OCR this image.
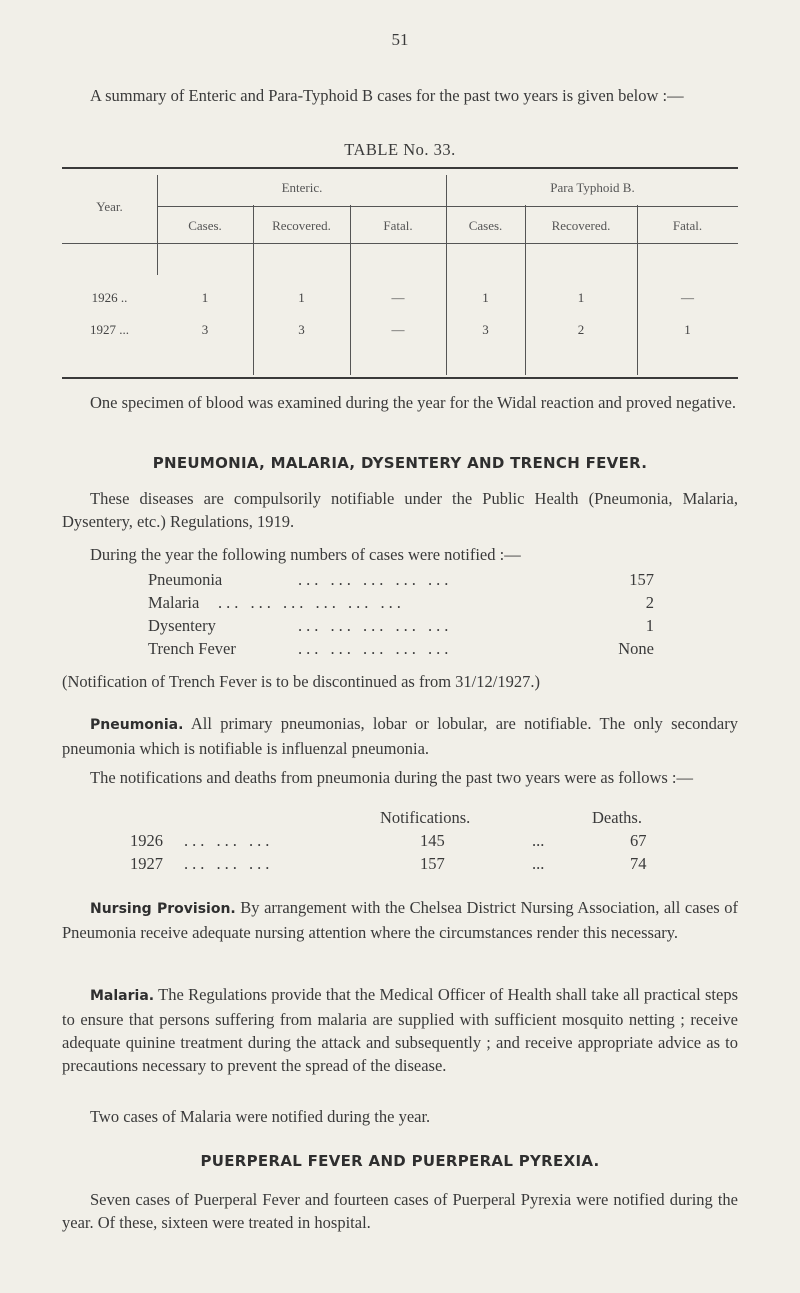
51

A summary of Enteric and Para-Typhoid B cases for the past two years is given below :—

TABLE No. 33.
Year.
Enteric.	Para Typhoid B.
Cases.	Recovered.	Fatal.	Cases.	Recovered.	Fatal.
1926 ..	1	1	—	1	1	—
1927 ...	3	3	—	3	2	1

One specimen of blood was examined during the year for the Widal reaction and proved negative.

PNEUMONIA, MALARIA, DYSENTERY AND TRENCH FEVER.

These diseases are compulsorily notifiable under the Public Health (Pneumonia, Malaria, Dysentery, etc.) Regulations, 1919.

During the year the following numbers of cases were notified :—

Pneumonia	... ... ... ... ...	157
Malaria ... ... ... ... ... ...	2
Dysentery	... ... ... ... ...	1
Trench Fever	... ... ... ... ...	None

(Notification of Trench Fever is to be discontinued as from 31/12/1927.)

Pneumonia. All primary pneumonias, lobar or lobular, are notifiable. The only secondary pneumonia which is notifiable is influenzal pneumonia.

The notifications and deaths from pneumonia during the past two years were as follows :—

Notifications.	Deaths.
1926 ... ... ...	145	...	67
1927 ... ... ...	157	...	74

Nursing Provision. By arrangement with the Chelsea District Nursing Association, all cases of Pneumonia receive adequate nursing attention where the circumstances render this necessary.

Malaria. The Regulations provide that the Medical Officer of Health shall take all practical steps to ensure that persons suffering from malaria are supplied with sufficient mosquito netting ; receive adequate quinine treatment during the attack and subsequently ; and receive appropriate advice as to precautions necessary to prevent the spread of the disease.

Two cases of Malaria were notified during the year.

PUERPERAL FEVER AND PUERPERAL PYREXIA.

Seven cases of Puerperal Fever and fourteen cases of Puerperal Pyrexia were notified during the year. Of these, sixteen were treated in hospital.
